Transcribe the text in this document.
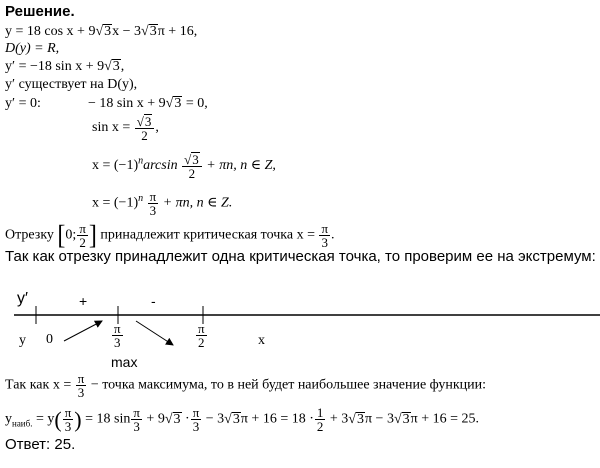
Решение.
y = 18 cos x + 9√3x − 3√3π + 16,
D(y) = R,
y′ = −18 sin x + 9√3,
y′ существует на D(y),
y′ = 0:	− 18 sin x + 9√3 = 0,
$\sin x = \frac{√3}{2}$ ,
$x = (-1)^n\arcsin \frac{√3}{2} + \pi n$, n ∈ Z,
$x = (-1)^n \frac{\pi}{3} + \pi n$, n ∈ Z.
Отрезку [0; $\frac{\pi}{2}$ ] принадлежит критическая точка $x = \frac{\pi}{3}$ .
Так как отрезку принадлежит одна критическая точка, то проверим ее на экстремум:
y′	+	-
y 0	$\frac{\pi}{3}$	$\frac{\pi}{2}$	x
max
Так как $x = \frac{\pi}{3}$ − точка максимума, то в ней будет наибольшее значение функции:
$y_{наиб.} = y( \frac{\pi}{3}$ ) = 18 $\sin \frac{\pi}{3} + 9√3 \cdot \frac{\pi}{3} - 3√3\pi + 16 = 18 \cdot \frac{1}{2} + 3√3\pi - 3√3\pi + 16 = 25$.
Ответ: 25.
